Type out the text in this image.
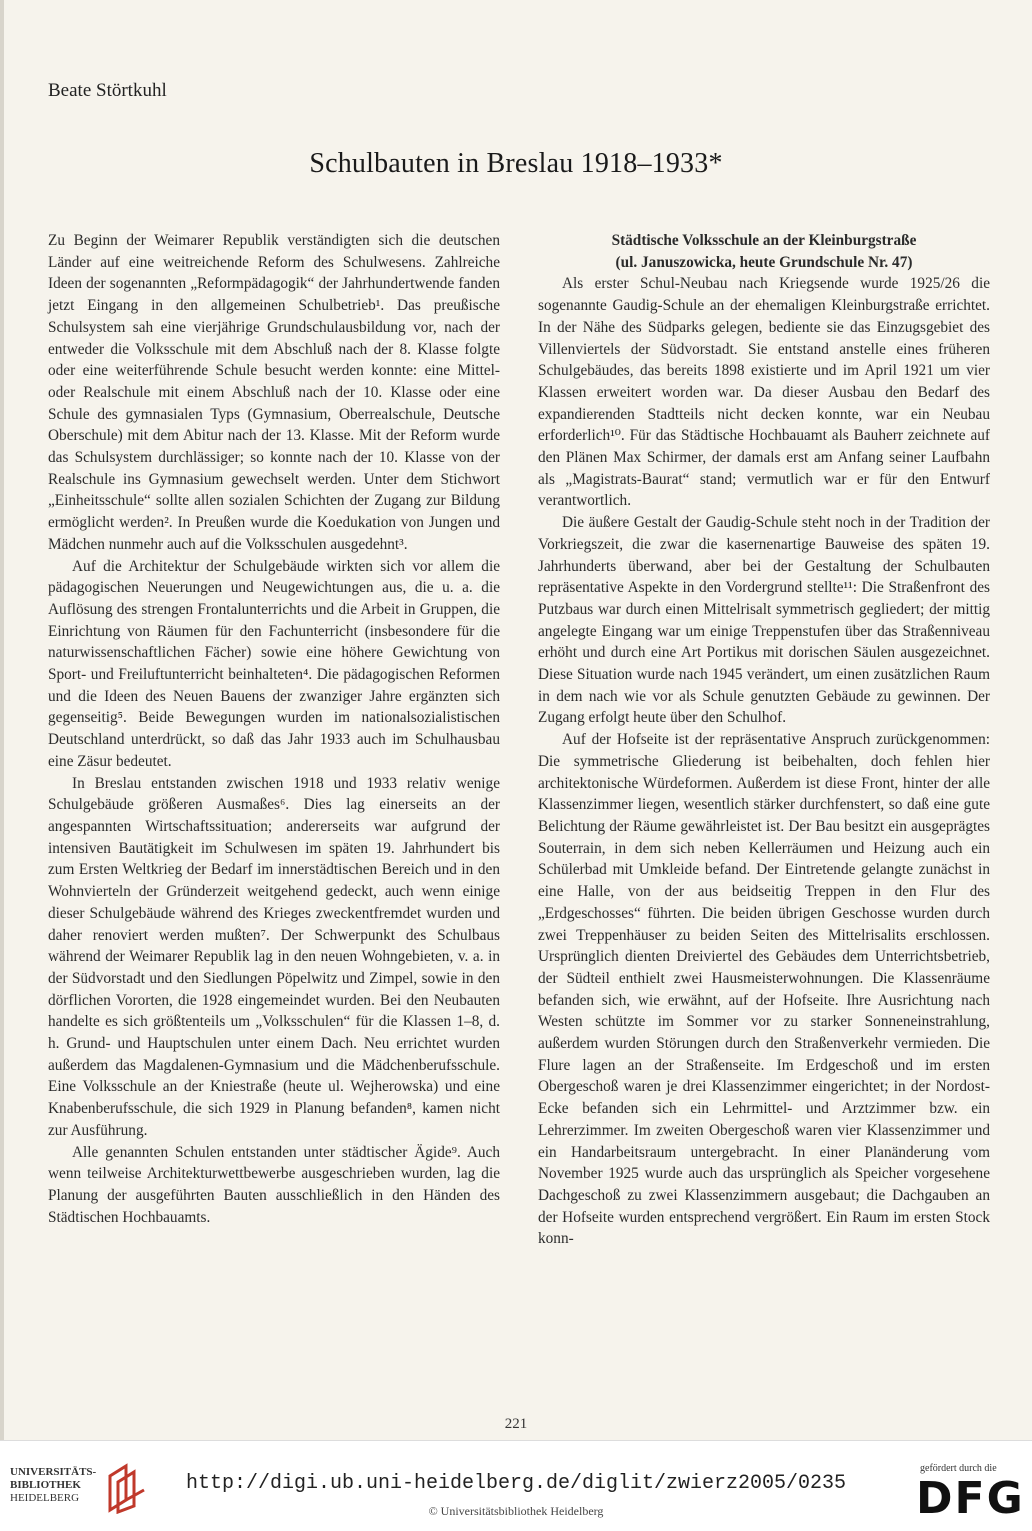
Beate Störtkuhl
Schulbauten in Breslau 1918–1933*

Zu Beginn der Weimarer Republik verständigten sich die deutschen Länder auf eine weitreichende Reform des Schulwesens. Zahlreiche Ideen der sogenannten „Reformpädagogik“ der Jahrhundertwende fanden jetzt Eingang in den allgemeinen Schulbetrieb¹. Das preußische Schulsystem sah eine vierjährige Grundschulausbildung vor, nach der entweder die Volksschule mit dem Abschluß nach der 8. Klasse folgte oder eine weiterführende Schule besucht werden konnte: eine Mittel- oder Realschule mit einem Abschluß nach der 10. Klasse oder eine Schule des gymnasialen Typs (Gymnasium, Oberrealschule, Deutsche Oberschule) mit dem Abitur nach der 13. Klasse. Mit der Reform wurde das Schulsystem durchlässiger; so konnte nach der 10. Klasse von der Realschule ins Gymnasium gewechselt werden. Unter dem Stichwort „Einheitsschule“ sollte allen sozialen Schichten der Zugang zur Bildung ermöglicht werden². In Preußen wurde die Koedukation von Jungen und Mädchen nunmehr auch auf die Volksschulen ausgedehnt³.

Auf die Architektur der Schulgebäude wirkten sich vor allem die pädagogischen Neuerungen und Neugewichtungen aus, die u. a. die Auflösung des strengen Frontalunterrichts und die Arbeit in Gruppen, die Einrichtung von Räumen für den Fachunterricht (insbesondere für die naturwissenschaftlichen Fächer) sowie eine höhere Gewichtung von Sport- und Freiluftunterricht beinhalteten⁴. Die pädagogischen Reformen und die Ideen des Neuen Bauens der zwanziger Jahre ergänzten sich gegenseitig⁵. Beide Bewegungen wurden im nationalsozialistischen Deutschland unterdrückt, so daß das Jahr 1933 auch im Schulhausbau eine Zäsur bedeutet.

In Breslau entstanden zwischen 1918 und 1933 relativ wenige Schulgebäude größeren Ausmaßes⁶. Dies lag einerseits an der angespannten Wirtschaftssituation; andererseits war aufgrund der intensiven Bautätigkeit im Schulwesen im späten 19. Jahrhundert bis zum Ersten Weltkrieg der Bedarf im innerstädtischen Bereich und in den Wohnvierteln der Gründerzeit weitgehend gedeckt, auch wenn einige dieser Schulgebäude während des Krieges zweckentfremdet wurden und daher renoviert werden mußten⁷. Der Schwerpunkt des Schulbaus während der Weimarer Republik lag in den neuen Wohngebieten, v. a. in der Südvorstadt und den Siedlungen Pöpelwitz und Zimpel, sowie in den dörflichen Vororten, die 1928 eingemeindet wurden. Bei den Neubauten handelte es sich größtenteils um „Volksschulen“ für die Klassen 1–8, d. h. Grund- und Hauptschulen unter einem Dach. Neu errichtet wurden außerdem das Magdalenen-Gymnasium und die Mädchenberufsschule. Eine Volksschule an der Kniestraße (heute ul. Wejherowska) und eine Knabenberufsschule, die sich 1929 in Planung befanden⁸, kamen nicht zur Ausführung.

Alle genannten Schulen entstanden unter städtischer Ägide⁹. Auch wenn teilweise Architekturwettbewerbe ausgeschrieben wurden, lag die Planung der ausgeführten Bauten ausschließlich in den Händen des Städtischen Hochbauamts.

Städtische Volksschule an der Kleinburgstraße
(ul. Januszowicka, heute Grundschule Nr. 47)

Als erster Schul-Neubau nach Kriegsende wurde 1925/26 die sogenannte Gaudig-Schule an der ehemaligen Kleinburgstraße errichtet. In der Nähe des Südparks gelegen, bediente sie das Einzugsgebiet des Villenviertels der Südvorstadt. Sie entstand anstelle eines früheren Schulgebäudes, das bereits 1898 existierte und im April 1921 um vier Klassen erweitert worden war. Da dieser Ausbau den Bedarf des expandierenden Stadtteils nicht decken konnte, war ein Neubau erforderlich¹⁰. Für das Städtische Hochbauamt als Bauherr zeichnete auf den Plänen Max Schirmer, der damals erst am Anfang seiner Laufbahn als „Magistrats-Baurat“ stand; vermutlich war er für den Entwurf verantwortlich.

Die äußere Gestalt der Gaudig-Schule steht noch in der Tradition der Vorkriegszeit, die zwar die kasernenartige Bauweise des späten 19. Jahrhunderts überwand, aber bei der Gestaltung der Schulbauten repräsentative Aspekte in den Vordergrund stellte¹¹: Die Straßenfront des Putzbaus war durch einen Mittelrisalt symmetrisch gegliedert; der mittig angelegte Eingang war um einige Treppenstufen über das Straßenniveau erhöht und durch eine Art Portikus mit dorischen Säulen ausgezeichnet. Diese Situation wurde nach 1945 verändert, um einen zusätzlichen Raum in dem nach wie vor als Schule genutzten Gebäude zu gewinnen. Der Zugang erfolgt heute über den Schulhof.

Auf der Hofseite ist der repräsentative Anspruch zurückgenommen: Die symmetrische Gliederung ist beibehalten, doch fehlen hier architektonische Würdeformen. Außerdem ist diese Front, hinter der alle Klassenzimmer liegen, wesentlich stärker durchfenstert, so daß eine gute Belichtung der Räume gewährleistet ist. Der Bau besitzt ein ausgeprägtes Souterrain, in dem sich neben Kellerräumen und Heizung auch ein Schülerbad mit Umkleide befand. Der Eintretende gelangte zunächst in eine Halle, von der aus beidseitig Treppen in den Flur des „Erdgeschosses“ führten. Die beiden übrigen Geschosse wurden durch zwei Treppenhäuser zu beiden Seiten des Mittelrisalits erschlossen. Ursprünglich dienten Dreiviertel des Gebäudes dem Unterrichtsbetrieb, der Südteil enthielt zwei Hausmeisterwohnungen. Die Klassenräume befanden sich, wie erwähnt, auf der Hofseite. Ihre Ausrichtung nach Westen schützte im Sommer vor zu starker Sonneneinstrahlung, außerdem wurden Störungen durch den Straßenverkehr vermieden. Die Flure lagen an der Straßenseite. Im Erdgeschoß und im ersten Obergeschoß waren je drei Klassenzimmer eingerichtet; in der Nordost-Ecke befanden sich ein Lehrmittel- und Arztzimmer bzw. ein Lehrerzimmer. Im zweiten Obergeschoß waren vier Klassenzimmer und ein Handarbeitsraum untergebracht. In einer Planänderung vom November 1925 wurde auch das ursprünglich als Speicher vorgesehene Dachgeschoß zu zwei Klassenzimmern ausgebaut; die Dachgauben an der Hofseite wurden entsprechend vergrößert. Ein Raum im ersten Stock konn-

221
UNIVERSITÄTS-
BIBLIOTHEK
HEIDELBERG
http://digi.ub.uni-heidelberg.de/diglit/zwierz2005/0235
© Universitätsbibliothek Heidelberg
gefördert durch die
DFG
